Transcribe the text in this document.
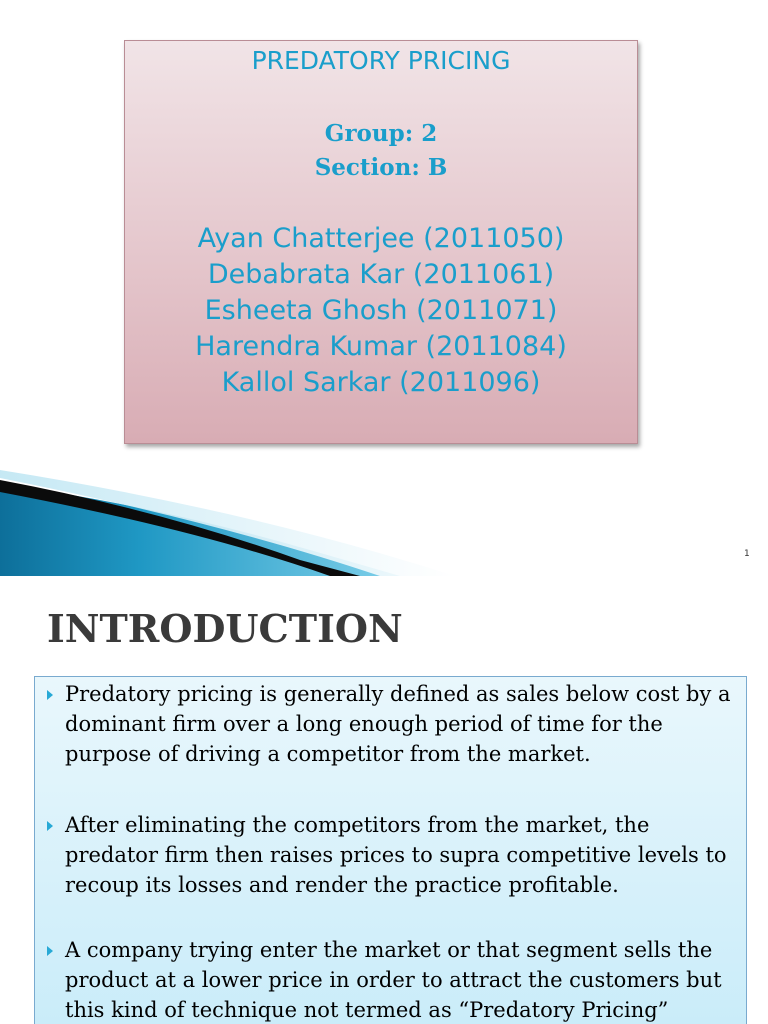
PREDATORY PRICING
Group: 2
Section: B
Ayan Chatterjee (2011050)
Debabrata Kar (2011061)
Esheeta Ghosh (2011071)
Harendra Kumar (2011084)
Kallol Sarkar (2011096)
1
INTRODUCTION
Predatory pricing is generally defined as sales below cost by a dominant firm over a long enough period of time for the purpose of driving a competitor from the market.
After eliminating the competitors from the market, the predator firm then raises prices to supra competitive levels to recoup its losses and render the practice profitable.
A company trying enter the market or that segment sells the product at a lower price in order to attract the customers but this kind of technique not termed as “Predatory Pricing”
